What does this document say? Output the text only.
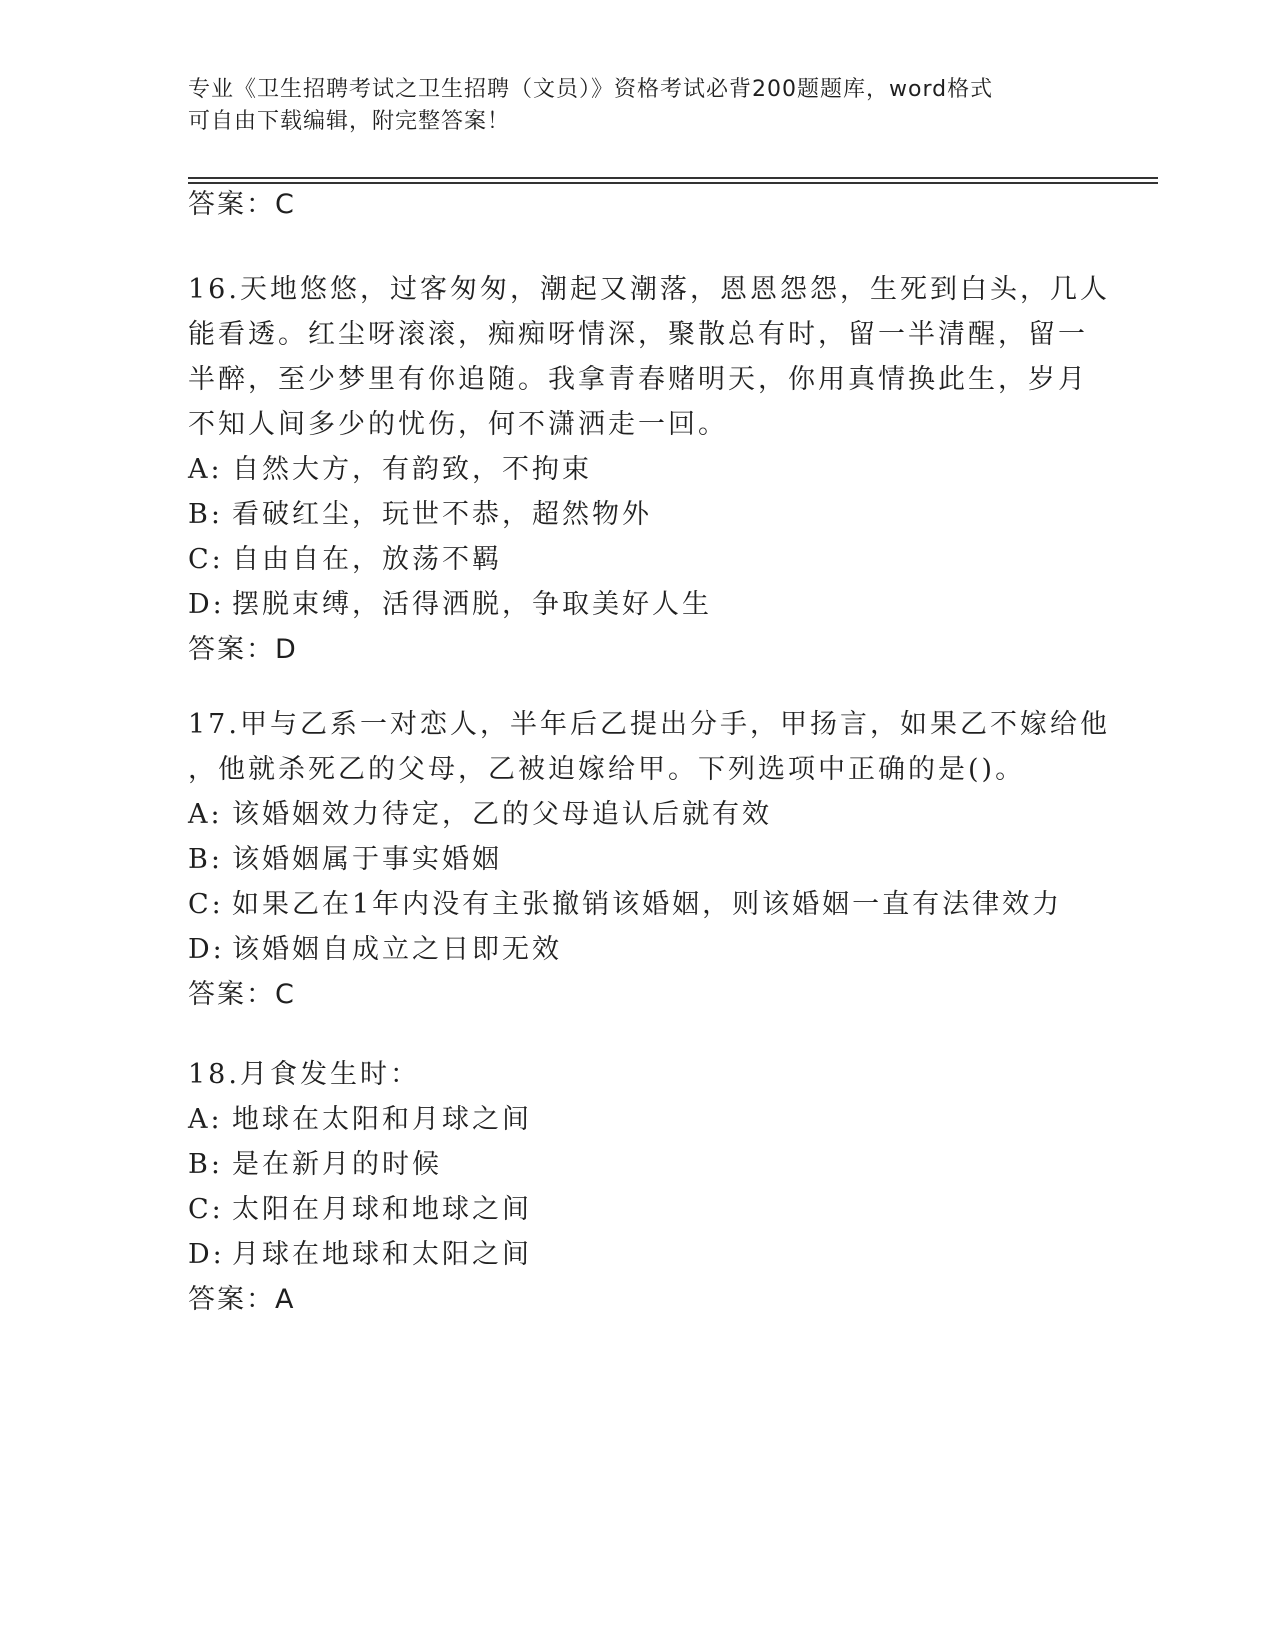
专业《卫生招聘考试之卫生招聘（文员）》资格考试必背200题题库，word格式
可自由下载编辑，附完整答案！
答案：C
16.天地悠悠，过客匆匆，潮起又潮落，恩恩怨怨，生死到白头，几人
能看透。红尘呀滚滚，痴痴呀情深，聚散总有时，留一半清醒，留一
半醉，至少梦里有你追随。我拿青春赌明天，你用真情换此生，岁月
不知人间多少的忧伤，何不潇洒走一回。
A: 自然大方，有韵致，不拘束
B: 看破红尘，玩世不恭，超然物外
C: 自由自在，放荡不羁
D: 摆脱束缚，活得洒脱，争取美好人生
答案：D
17.甲与乙系一对恋人，半年后乙提出分手，甲扬言，如果乙不嫁给他
，他就杀死乙的父母，乙被迫嫁给甲。下列选项中正确的是()。
A: 该婚姻效力待定，乙的父母追认后就有效
B: 该婚姻属于事实婚姻
C: 如果乙在1年内没有主张撤销该婚姻，则该婚姻一直有法律效力
D: 该婚姻自成立之日即无效
答案：C
18.月食发生时：
A: 地球在太阳和月球之间
B: 是在新月的时候
C: 太阳在月球和地球之间
D: 月球在地球和太阳之间
答案：A
